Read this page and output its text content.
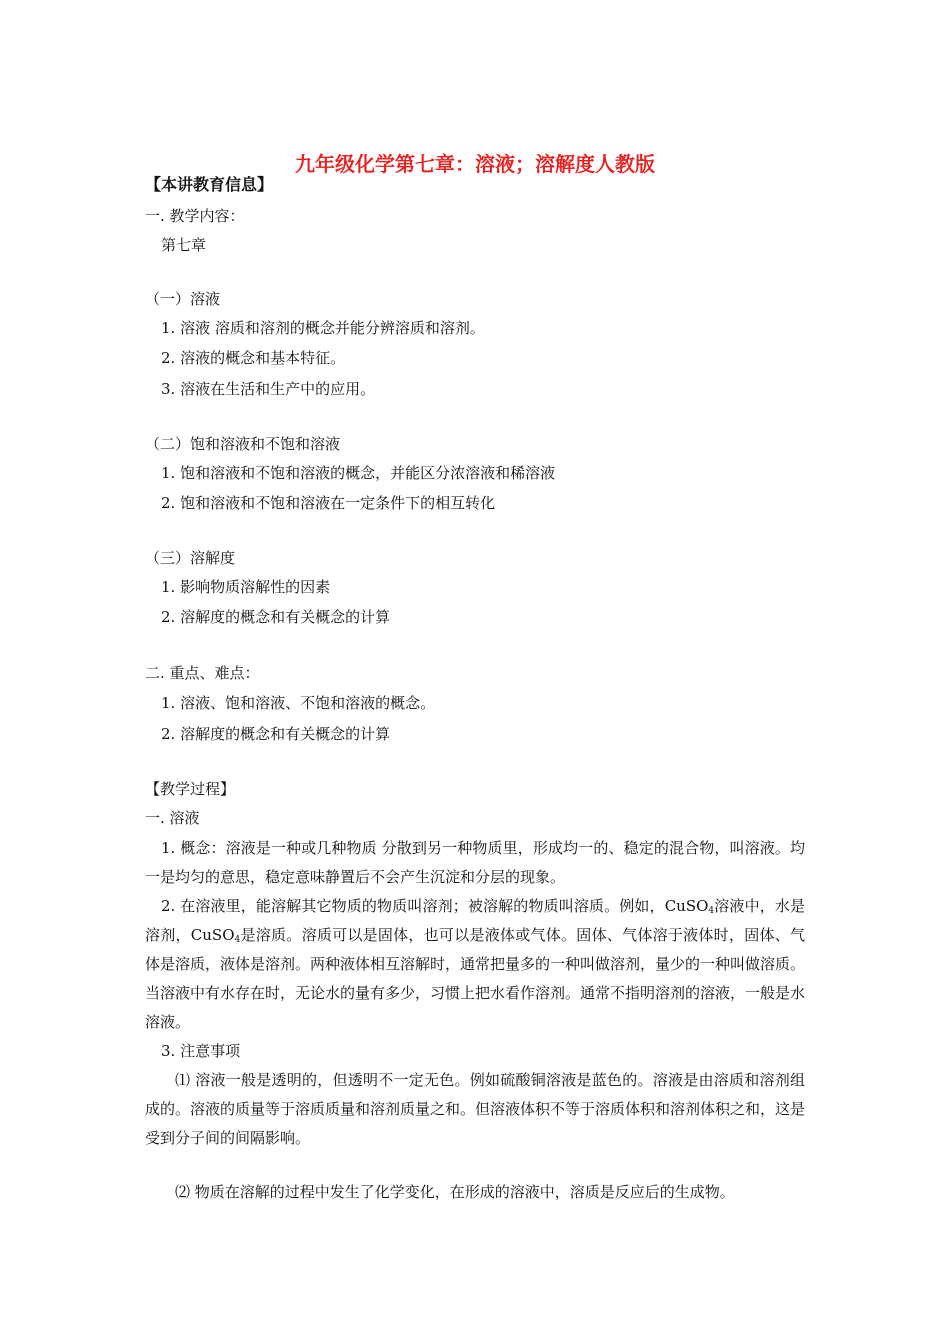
九年级化学第七章：溶液；溶解度人教版
【本讲教育信息】
一. 教学内容：
第七章
（一）溶液
1. 溶液 溶质和溶剂的概念并能分辨溶质和溶剂。
2. 溶液的概念和基本特征。
3. 溶液在生活和生产中的应用。
（二）饱和溶液和不饱和溶液
1. 饱和溶液和不饱和溶液的概念，并能区分浓溶液和稀溶液
2. 饱和溶液和不饱和溶液在一定条件下的相互转化
（三）溶解度
1. 影响物质溶解性的因素
2. 溶解度的概念和有关概念的计算
二. 重点、难点：
1. 溶液、饱和溶液、不饱和溶液的概念。
2. 溶解度的概念和有关概念的计算
【教学过程】
一. 溶液
1. 概念：溶液是一种或几种物质 分散到另一种物质里，形成均一的、稳定的混合物，叫溶液。均一是均匀的意思，稳定意味静置后不会产生沉淀和分层的现象。
2. 在溶液里，能溶解其它物质的物质叫溶剂；被溶解的物质叫溶质。例如，CuSO$_4$溶液中，水是溶剂，CuSO$_4$是溶质。溶质可以是固体，也可以是液体或气体。固体、气体溶于液体时，固体、气体是溶质，液体是溶剂。两种液体相互溶解时，通常把量多的一种叫做溶剂，量少的一种叫做溶质。当溶液中有水存在时，无论水的量有多少，习惯上把水看作溶剂。通常不指明溶剂的溶液，一般是水溶液。
3. 注意事项
⑴ 溶液一般是透明的，但透明不一定无色。例如硫酸铜溶液是蓝色的。溶液是由溶质和溶剂组成的。溶液的质量等于溶质质量和溶剂质量之和。但溶液体积不等于溶质体积和溶剂体积之和，这是受到分子间的间隔影响。
⑵ 物质在溶解的过程中发生了化学变化，在形成的溶液中，溶质是反应后的生成物。
